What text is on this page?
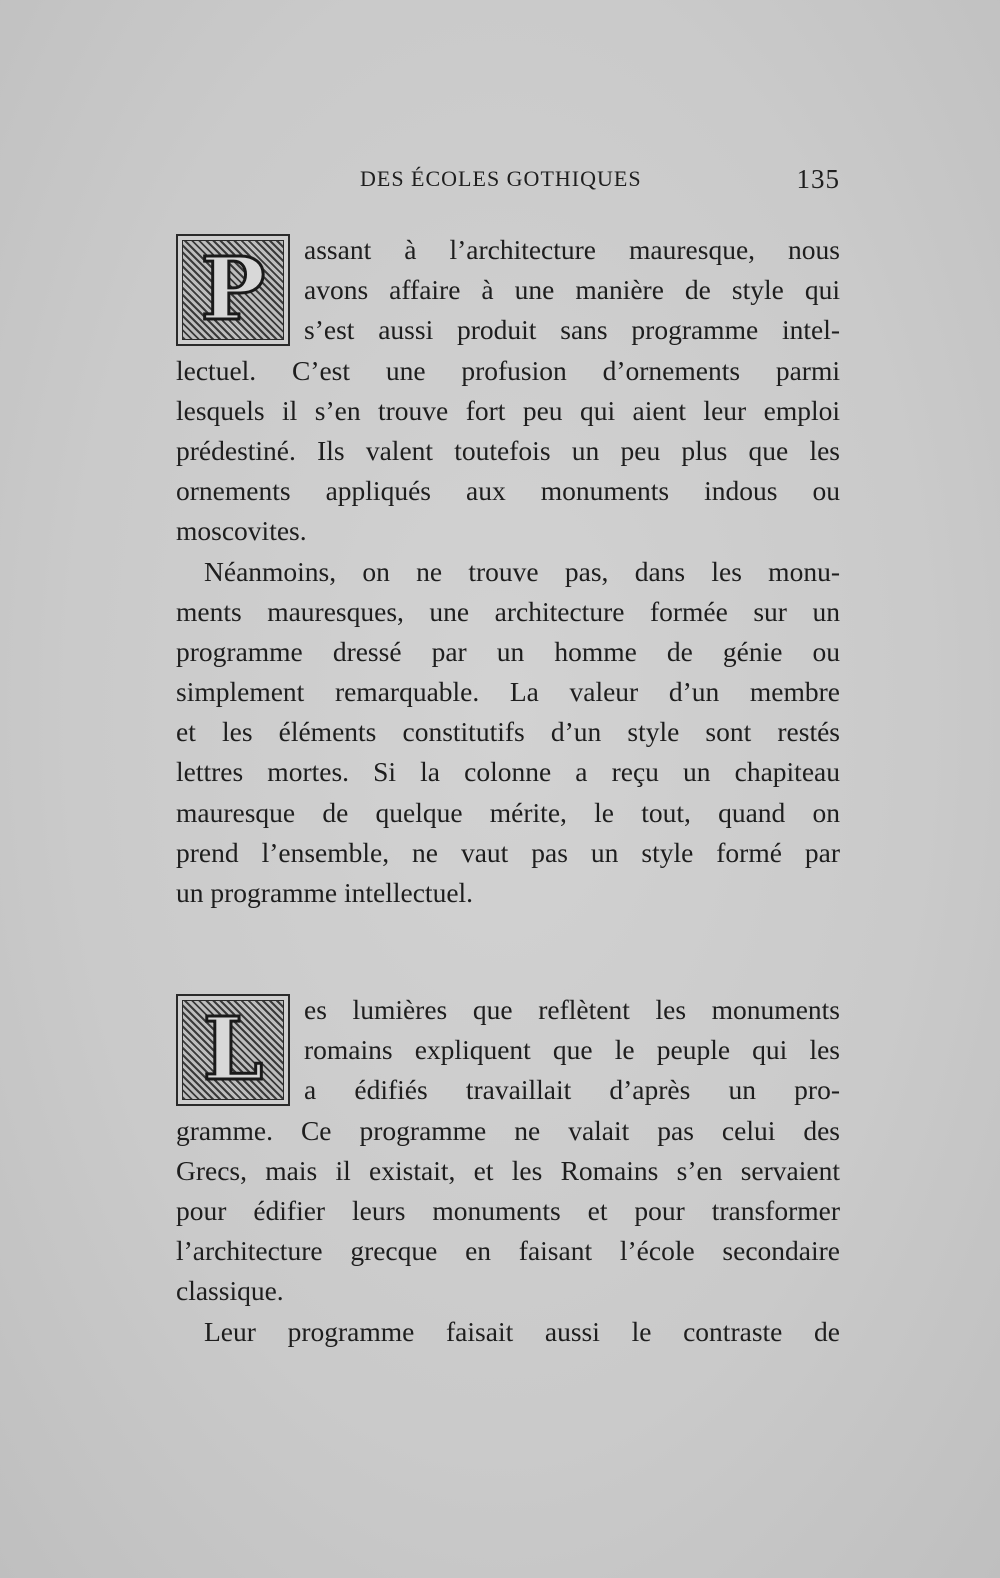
DES ÉCOLES GOTHIQUES	135
P	assant à l’architecture mauresque, nous
avons affaire à une manière de style qui
s’est aussi produit sans programme intel-
lectuel. C’est une profusion d’ornements parmi
lesquels il s’en trouve fort peu qui aient leur emploi
prédestiné. Ils valent toutefois un peu plus que les
ornements appliqués aux monuments indous ou
moscovites.
Néanmoins, on ne trouve pas, dans les monu-
ments mauresques, une architecture formée sur un
programme dressé par un homme de génie ou
simplement remarquable. La valeur d’un membre
et les éléments constitutifs d’un style sont restés
lettres mortes. Si la colonne a reçu un chapiteau
mauresque de quelque mérite, le tout, quand on
prend l’ensemble, ne vaut pas un style formé par
un programme intellectuel.
L	es lumières que reflètent les monuments
romains expliquent que le peuple qui les
a édifiés travaillait d’après un pro-
gramme. Ce programme ne valait pas celui des
Grecs, mais il existait, et les Romains s’en servaient
pour édifier leurs monuments et pour transformer
l’architecture grecque en faisant l’école secondaire
classique.
Leur programme faisait aussi le contraste de
